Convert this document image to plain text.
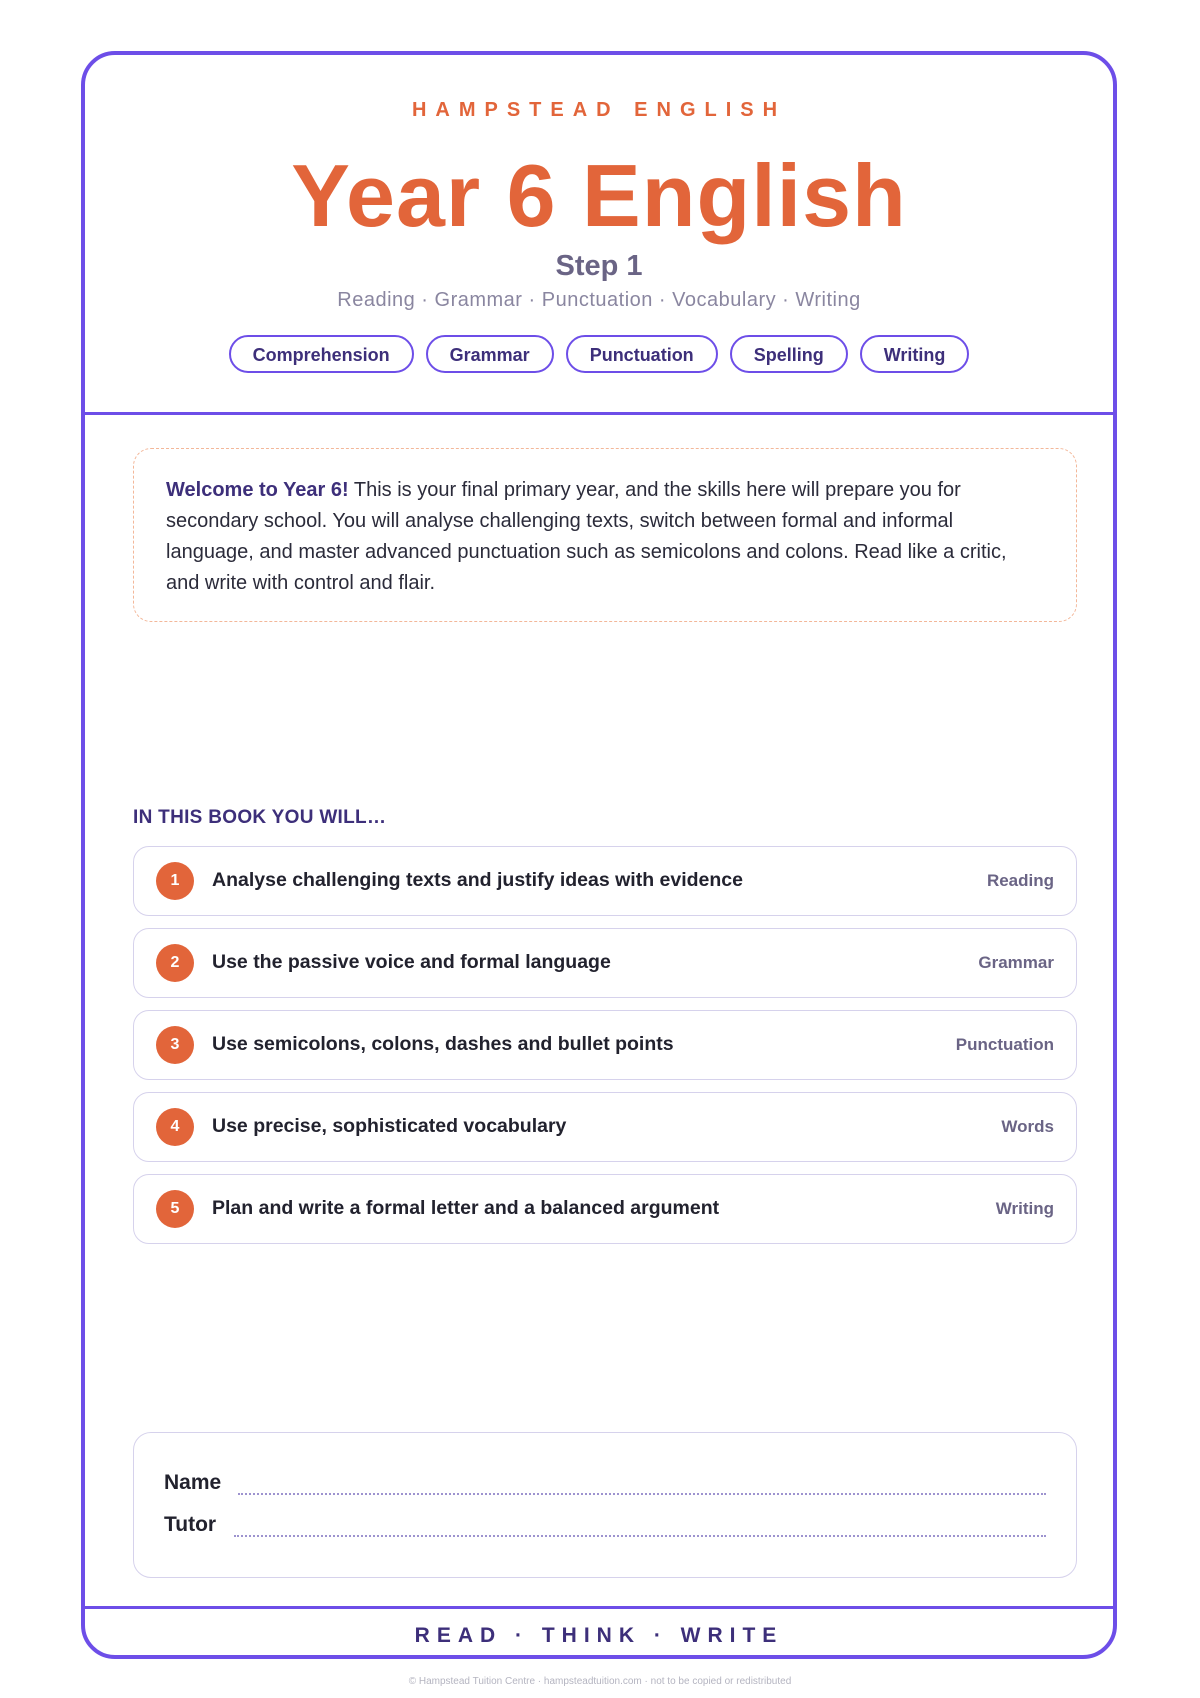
HAMPSTEAD ENGLISH
Year 6 English
Step 1
Reading · Grammar · Punctuation · Vocabulary · Writing
Comprehension	Grammar	Punctuation	Spelling	Writing
Welcome to Year 6! This is your final primary year, and the skills here will prepare you for secondary school. You will analyse challenging texts, switch between formal and informal language, and master advanced punctuation such as semicolons and colons. Read like a critic, and write with control and flair.
IN THIS BOOK YOU WILL…
1	Analyse challenging texts and justify ideas with evidence	Reading
2	Use the passive voice and formal language	Grammar
3	Use semicolons, colons, dashes and bullet points	Punctuation
4	Use precise, sophisticated vocabulary	Words
5	Plan and write a formal letter and a balanced argument	Writing
Name
Tutor
READ · THINK · WRITE
© Hampstead Tuition Centre · hampsteadtuition.com · not to be copied or redistributed
